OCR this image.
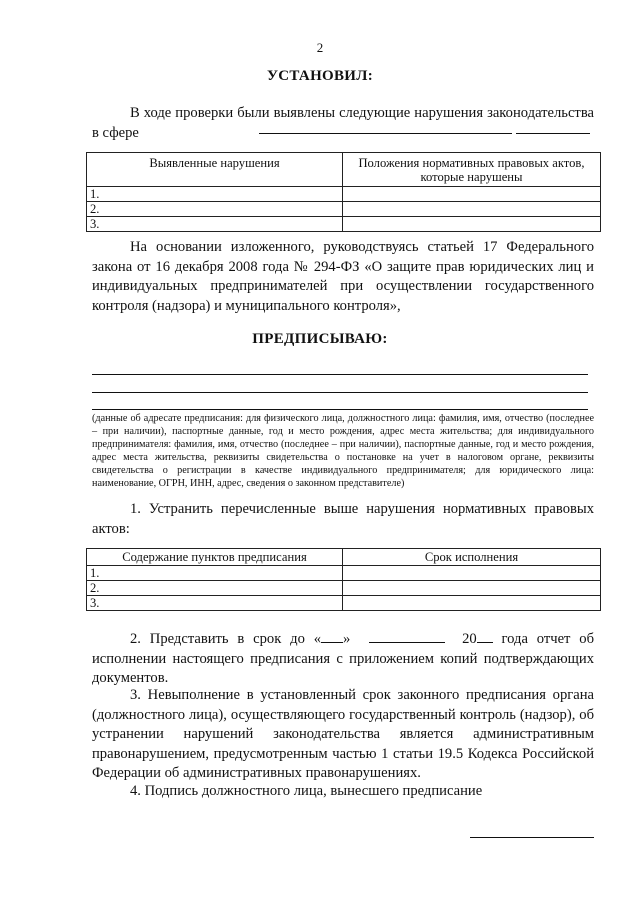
2
УСТАНОВИЛ:
В ходе проверки были выявлены следующие нарушения законодательства в сфере
Выявленные нарушения	Положения нормативных правовых актов, которые нарушены
1.	
2.	
3.	
На основании изложенного, руководствуясь статьей 17 Федерального закона от 16 декабря 2008 года № 294-ФЗ «О защите прав юридических лиц и индивидуальных предпринимателей при осуществлении государственного контроля (надзора) и муниципального контроля»,
ПРЕДПИСЫВАЮ:
(данные об адресате предписания: для физического лица, должностного лица: фамилия, имя, отчество (последнее – при наличии), паспортные данные, год и место рождения, адрес места жительства; для индивидуального предпринимателя: фамилия, имя, отчество (последнее – при наличии), паспортные данные, год и место рождения, адрес места жительства, реквизиты свидетельства о постановке на учет в налоговом органе, реквизиты свидетельства о регистрации в качестве индивидуального предпринимателя; для юридического лица: наименование, ОГРН, ИНН, адрес, сведения о законном представителе)
1. Устранить перечисленные выше нарушения нормативных правовых актов:
Содержание пунктов предписания	Срок исполнения
1.	
2.	
3.	
2. Представить в срок до « »	20 года отчет об исполнении настоящего предписания с приложением копий подтверждающих документов.
3. Невыполнение в установленный срок законного предписания органа (должностного лица), осуществляющего государственный контроль (надзор), об устранении нарушений законодательства является административным правонарушением, предусмотренным частью 1 статьи 19.5 Кодекса Российской Федерации об административных правонарушениях.
4. Подпись должностного лица, вынесшего предписание
